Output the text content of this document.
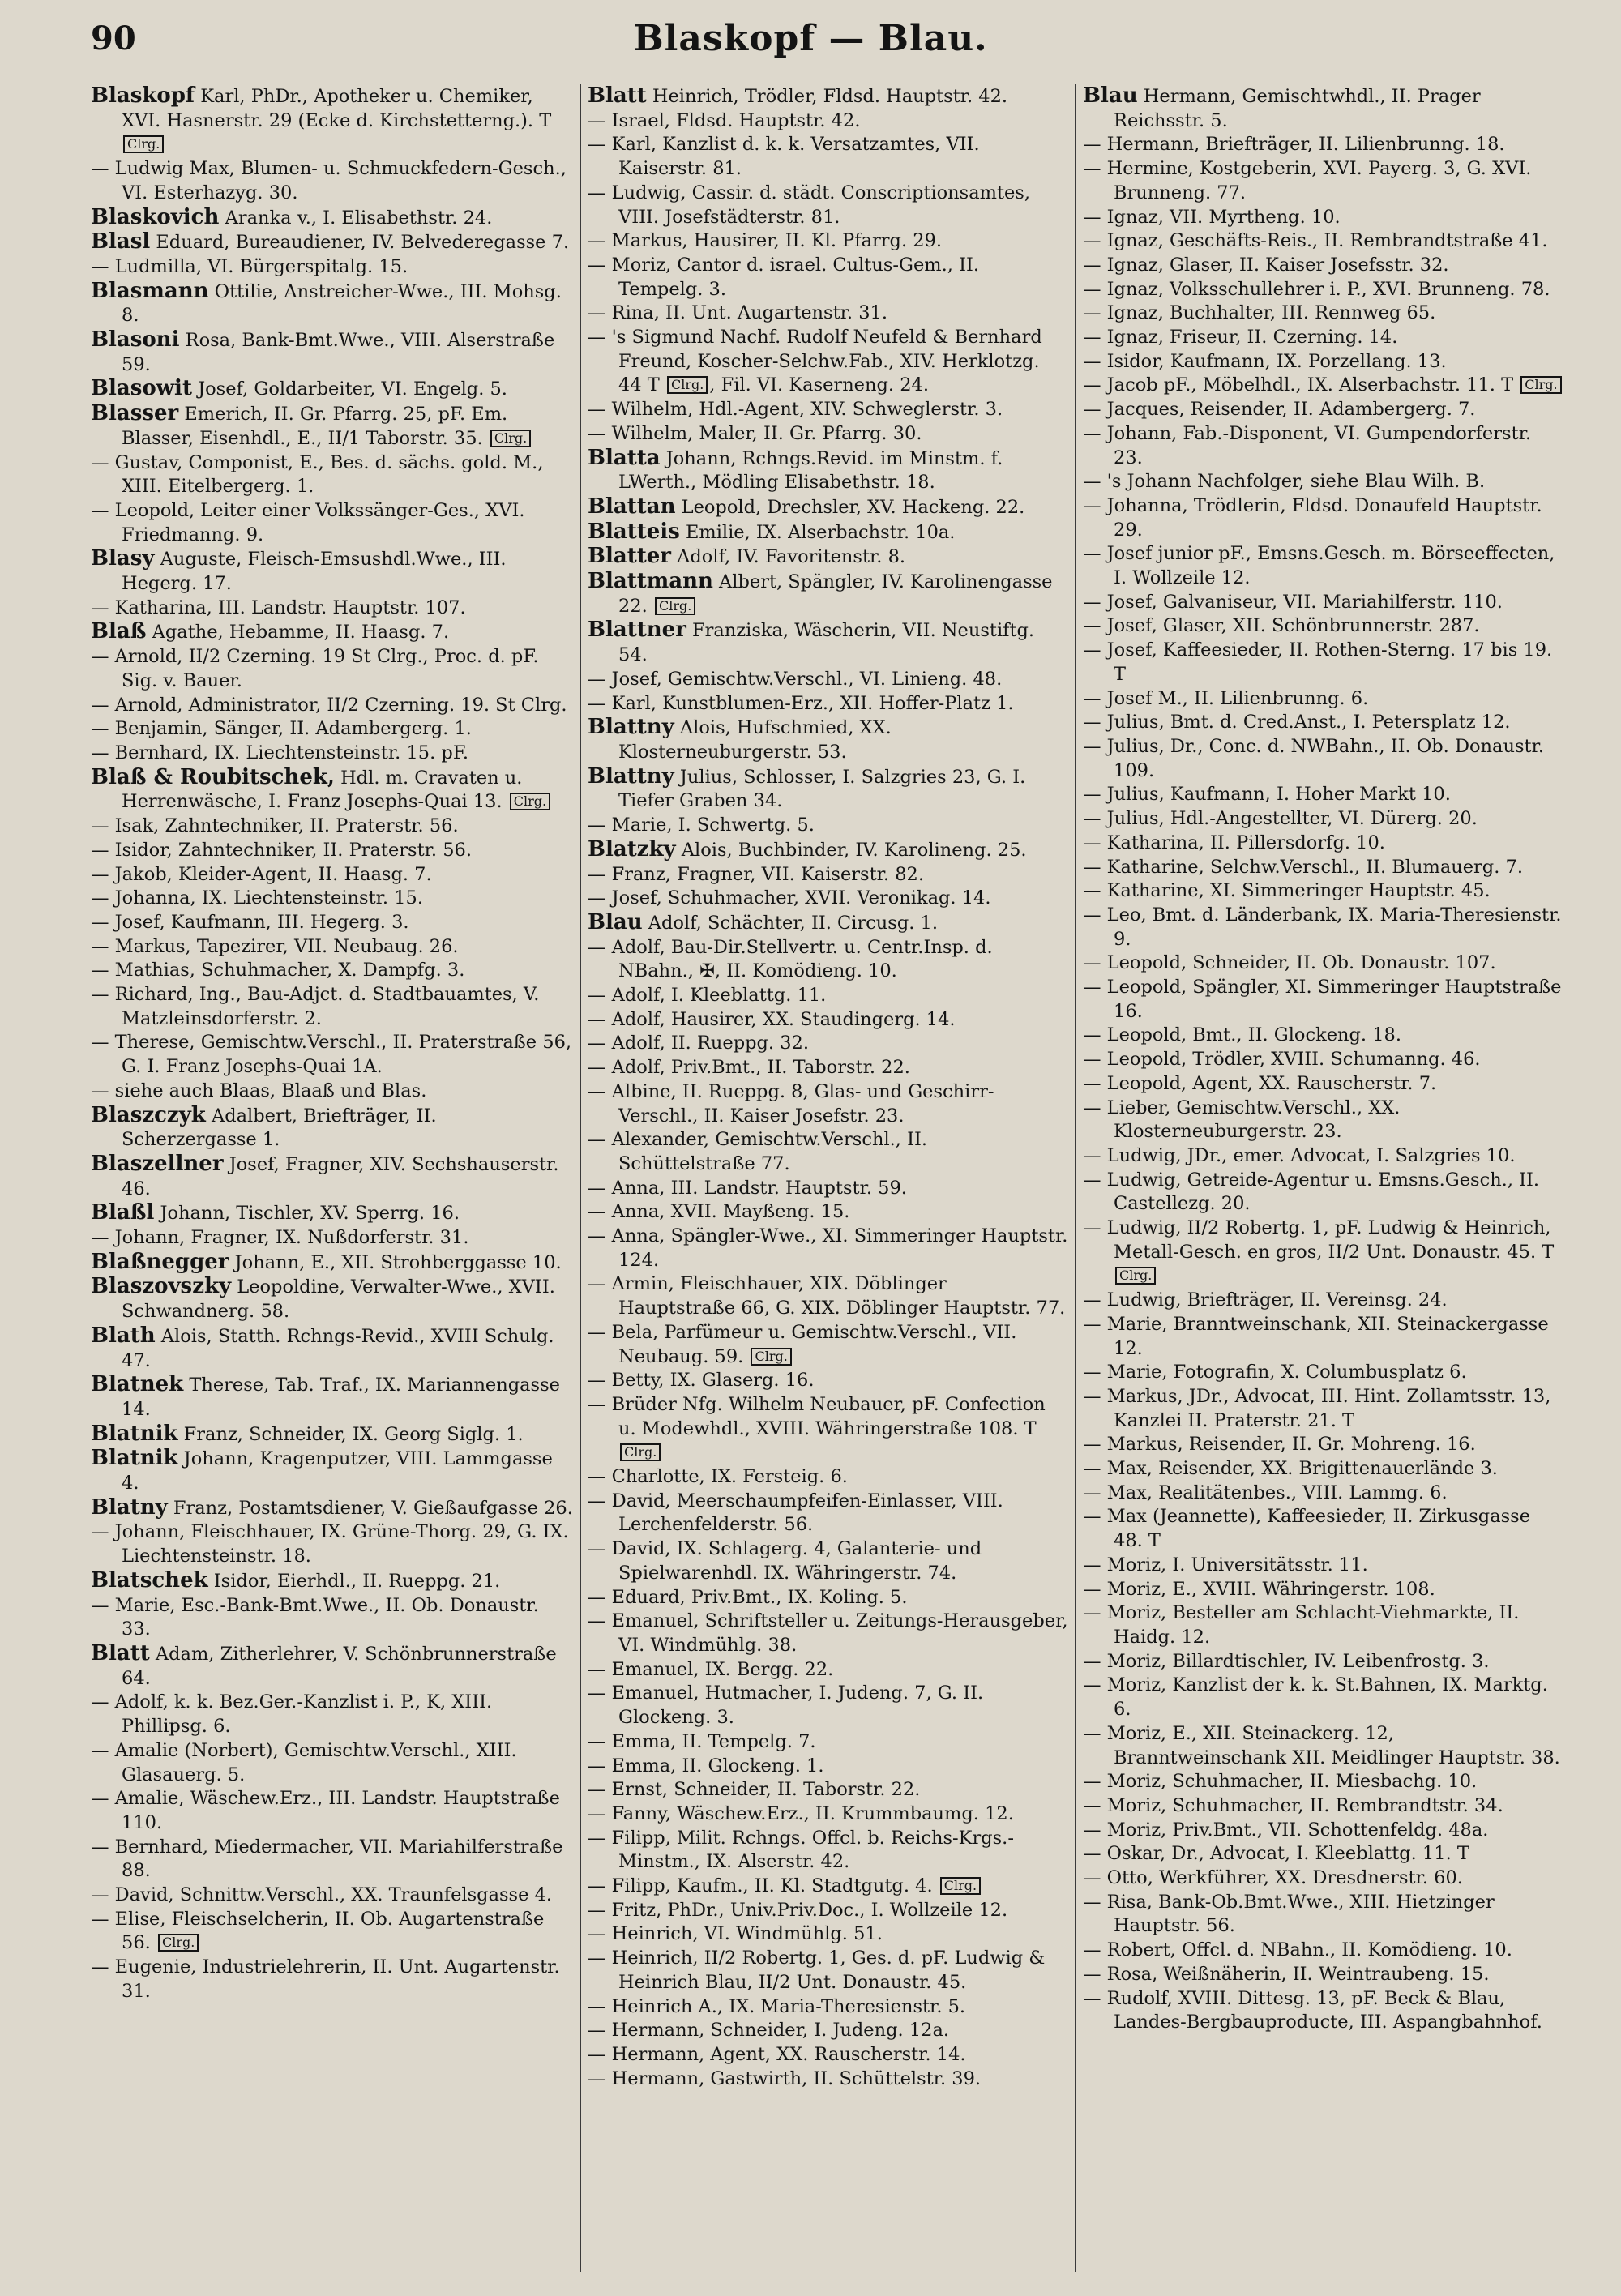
90	Blaskopf — Blau.
Blaskopf Karl, PhDr., Apotheker u. Chemiker, XVI. Hasnerstr. 29 (Ecke d. Kirchstetterng.). T Clrg.
— Ludwig Max, Blumen- u. Schmuckfedern-Gesch., VI. Esterhazyg. 30.
Blaskovich Aranka v., I. Elisabethstr. 24.
Blasl Eduard, Bureaudiener, IV. Belvederegasse 7.
— Ludmilla, VI. Bürgerspitalg. 15.
Blasmann Ottilie, Anstreicher-Wwe., III. Mohsg. 8.
Blasoni Rosa, Bank-Bmt.Wwe., VIII. Alserstraße 59.
Blasowit Josef, Goldarbeiter, VI. Engelg. 5.
Blasser Emerich, II. Gr. Pfarrg. 25, pF. Em. Blasser, Eisenhdl., E., II/1 Taborstr. 35. Clrg.
— Gustav, Componist, E., Bes. d. sächs. gold. M., XIII. Eitelbergerg. 1.
— Leopold, Leiter einer Volkssänger-Ges., XVI. Friedmanng. 9.
Blasy Auguste, Fleisch-Emsushdl.Wwe., III. Hegerg. 17.
— Katharina, III. Landstr. Hauptstr. 107.
Blaß Agathe, Hebamme, II. Haasg. 7.
— Arnold, II/2 Czerning. 19 St Clrg., Proc. d. pF. Sig. v. Bauer.
— Arnold, Administrator, II/2 Czerning. 19. St Clrg.
— Benjamin, Sänger, II. Adambergerg. 1.
— Bernhard, IX. Liechtensteinstr. 15. pF.
Blaß & Roubitschek, Hdl. m. Cravaten u. Herrenwäsche, I. Franz Josephs-Quai 13. Clrg.
— Isak, Zahntechniker, II. Praterstr. 56.
— Isidor, Zahntechniker, II. Praterstr. 56.
— Jakob, Kleider-Agent, II. Haasg. 7.
— Johanna, IX. Liechtensteinstr. 15.
— Josef, Kaufmann, III. Hegerg. 3.
— Markus, Tapezirer, VII. Neubaug. 26.
— Mathias, Schuhmacher, X. Dampfg. 3.
— Richard, Ing., Bau-Adjct. d. Stadtbauamtes, V. Matzleinsdorferstr. 2.
— Therese, Gemischtw.Verschl., II. Praterstraße 56, G. I. Franz Josephs-Quai 1A.
— siehe auch Blaas, Blaaß und Blas.
Blaszczyk Adalbert, Briefträger, II. Scherzergasse 1.
Blaszellner Josef, Fragner, XIV. Sechshauserstr. 46.
Blaßl Johann, Tischler, XV. Sperrg. 16.
— Johann, Fragner, IX. Nußdorferstr. 31.
Blaßnegger Johann, E., XII. Strohberggasse 10.
Blaszovszky Leopoldine, Verwalter-Wwe., XVII. Schwandnerg. 58.
Blath Alois, Statth. Rchngs-Revid., XVIII Schulg. 47.
Blatnek Therese, Tab. Traf., IX. Mariannengasse 14.
Blatnik Franz, Schneider, IX. Georg Siglg. 1.
Blatnik Johann, Kragenputzer, VIII. Lammgasse 4.
Blatny Franz, Postamtsdiener, V. Gießaufgasse 26.
— Johann, Fleischhauer, IX. Grüne-Thorg. 29, G. IX. Liechtensteinstr. 18.
Blatschek Isidor, Eierhdl., II. Rueppg. 21.
— Marie, Esc.-Bank-Bmt.Wwe., II. Ob. Donaustr. 33.
Blatt Adam, Zitherlehrer, V. Schönbrunnerstraße 64.
— Adolf, k. k. Bez.Ger.-Kanzlist i. P., K, XIII. Phillipsg. 6.
— Amalie (Norbert), Gemischtw.Verschl., XIII. Glasauerg. 5.
— Amalie, Wäschew.Erz., III. Landstr. Hauptstraße 110.
— Bernhard, Miedermacher, VII. Mariahilferstraße 88.
— David, Schnittw.Verschl., XX. Traunfelsgasse 4.
— Elise, Fleischselcherin, II. Ob. Augartenstraße 56. Clrg.
— Eugenie, Industrielehrerin, II. Unt. Augartenstr. 31.
Blatt Heinrich, Trödler, Fldsd. Hauptstr. 42.
— Israel, Fldsd. Hauptstr. 42.
— Karl, Kanzlist d. k. k. Versatzamtes, VII. Kaiserstr. 81.
— Ludwig, Cassir. d. städt. Conscriptionsamtes, VIII. Josefstädterstr. 81.
— Markus, Hausirer, II. Kl. Pfarrg. 29.
— Moriz, Cantor d. israel. Cultus-Gem., II. Tempelg. 3.
— Rina, II. Unt. Augartenstr. 31.
— 's Sigmund Nachf. Rudolf Neufeld & Bernhard Freund, Koscher-Selchw.Fab., XIV. Herklotzg. 44 T Clrg. , Fil. VI. Kaserneng. 24.
— Wilhelm, Hdl.-Agent, XIV. Schweglerstr. 3.
— Wilhelm, Maler, II. Gr. Pfarrg. 30.
Blatta Johann, Rchngs.Revid. im Minstm. f. LWerth., Mödling Elisabethstr. 18.
Blattan Leopold, Drechsler, XV. Hackeng. 22.
Blatteis Emilie, IX. Alserbachstr. 10a.
Blatter Adolf, IV. Favoritenstr. 8.
Blattmann Albert, Spängler, IV. Karolinengasse 22. Clrg.
Blattner Franziska, Wäscherin, VII. Neustiftg. 54.
— Josef, Gemischtw.Verschl., VI. Linieng. 48.
— Karl, Kunstblumen-Erz., XII. Hoffer-Platz 1.
Blattny Alois, Hufschmied, XX. Klosterneuburgerstr. 53.
Blattny Julius, Schlosser, I. Salzgries 23, G. I. Tiefer Graben 34.
— Marie, I. Schwertg. 5.
Blatzky Alois, Buchbinder, IV. Karolineng. 25.
— Franz, Fragner, VII. Kaiserstr. 82.
— Josef, Schuhmacher, XVII. Veronikag. 14.
Blau Adolf, Schächter, II. Circusg. 1.
— Adolf, Bau-Dir.Stellvertr. u. Centr.Insp. d. NBahn., ✠, II. Komödieng. 10.
— Adolf, I. Kleeblattg. 11.
— Adolf, Hausirer, XX. Staudingerg. 14.
— Adolf, II. Rueppg. 32.
— Adolf, Priv.Bmt., II. Taborstr. 22.
— Albine, II. Rueppg. 8, Glas- und Geschirr-Verschl., II. Kaiser Josefstr. 23.
— Alexander, Gemischtw.Verschl., II. Schüttelstraße 77.
— Anna, III. Landstr. Hauptstr. 59.
— Anna, XVII. Mayßeng. 15.
— Anna, Spängler-Wwe., XI. Simmeringer Hauptstr. 124.
— Armin, Fleischhauer, XIX. Döblinger Hauptstraße 66, G. XIX. Döblinger Hauptstr. 77.
— Bela, Parfümeur u. Gemischtw.Verschl., VII. Neubaug. 59. Clrg.
— Betty, IX. Glaserg. 16.
— Brüder Nfg. Wilhelm Neubauer, pF. Confection u. Modewhdl., XVIII. Währingerstraße 108. T Clrg.
— Charlotte, IX. Fersteig. 6.
— David, Meerschaumpfeifen-Einlasser, VIII. Lerchenfelderstr. 56.
— David, IX. Schlagerg. 4, Galanterie- und Spielwarenhdl. IX. Währingerstr. 74.
— Eduard, Priv.Bmt., IX. Koling. 5.
— Emanuel, Schriftsteller u. Zeitungs-Herausgeber, VI. Windmühlg. 38.
— Emanuel, IX. Bergg. 22.
— Emanuel, Hutmacher, I. Judeng. 7, G. II. Glockeng. 3.
— Emma, II. Tempelg. 7.
— Emma, II. Glockeng. 1.
— Ernst, Schneider, II. Taborstr. 22.
— Fanny, Wäschew.Erz., II. Krummbaumg. 12.
— Filipp, Milit. Rchngs. Offcl. b. Reichs-Krgs.-Minstm., IX. Alserstr. 42.
— Filipp, Kaufm., II. Kl. Stadtgutg. 4. Clrg.
— Fritz, PhDr., Univ.Priv.Doc., I. Wollzeile 12.
— Heinrich, VI. Windmühlg. 51.
— Heinrich, II/2 Robertg. 1, Ges. d. pF. Ludwig & Heinrich Blau, II/2 Unt. Donaustr. 45.
— Heinrich A., IX. Maria-Theresienstr. 5.
— Hermann, Schneider, I. Judeng. 12a.
— Hermann, Agent, XX. Rauscherstr. 14.
— Hermann, Gastwirth, II. Schüttelstr. 39.
Blau Hermann, Gemischtwhdl., II. Prager Reichsstr. 5.
— Hermann, Briefträger, II. Lilienbrunng. 18.
— Hermine, Kostgeberin, XVI. Payerg. 3, G. XVI. Brunneng. 77.
— Ignaz, VII. Myrtheng. 10.
— Ignaz, Geschäfts-Reis., II. Rembrandtstraße 41.
— Ignaz, Glaser, II. Kaiser Josefsstr. 32.
— Ignaz, Volksschullehrer i. P., XVI. Brunneng. 78.
— Ignaz, Buchhalter, III. Rennweg 65.
— Ignaz, Friseur, II. Czerning. 14.
— Isidor, Kaufmann, IX. Porzellang. 13.
— Jacob pF., Möbelhdl., IX. Alserbachstr. 11. T Clrg.
— Jacques, Reisender, II. Adambergerg. 7.
— Johann, Fab.-Disponent, VI. Gumpendorferstr. 23.
— 's Johann Nachfolger, siehe Blau Wilh. B.
— Johanna, Trödlerin, Fldsd. Donaufeld Hauptstr. 29.
— Josef junior pF., Emsns.Gesch. m. Börseeffecten, I. Wollzeile 12.
— Josef, Galvaniseur, VII. Mariahilferstr. 110.
— Josef, Glaser, XII. Schönbrunnerstr. 287.
— Josef, Kaffeesieder, II. Rothen-Sterng. 17 bis 19. T
— Josef M., II. Lilienbrunng. 6.
— Julius, Bmt. d. Cred.Anst., I. Petersplatz 12.
— Julius, Dr., Conc. d. NWBahn., II. Ob. Donaustr. 109.
— Julius, Kaufmann, I. Hoher Markt 10.
— Julius, Hdl.-Angestellter, VI. Dürerg. 20.
— Katharina, II. Pillersdorfg. 10.
— Katharine, Selchw.Verschl., II. Blumauerg. 7.
— Katharine, XI. Simmeringer Hauptstr. 45.
— Leo, Bmt. d. Länderbank, IX. Maria-Theresienstr. 9.
— Leopold, Schneider, II. Ob. Donaustr. 107.
— Leopold, Spängler, XI. Simmeringer Hauptstraße 16.
— Leopold, Bmt., II. Glockeng. 18.
— Leopold, Trödler, XVIII. Schumanng. 46.
— Leopold, Agent, XX. Rauscherstr. 7.
— Lieber, Gemischtw.Verschl., XX. Klosterneuburgerstr. 23.
— Ludwig, JDr., emer. Advocat, I. Salzgries 10.
— Ludwig, Getreide-Agentur u. Emsns.Gesch., II. Castellezg. 20.
— Ludwig, II/2 Robertg. 1, pF. Ludwig & Heinrich, Metall-Gesch. en gros, II/2 Unt. Donaustr. 45. T Clrg.
— Ludwig, Briefträger, II. Vereinsg. 24.
— Marie, Branntweinschank, XII. Steinackergasse 12.
— Marie, Fotografin, X. Columbusplatz 6.
— Markus, JDr., Advocat, III. Hint. Zollamtsstr. 13, Kanzlei II. Praterstr. 21. T
— Markus, Reisender, II. Gr. Mohreng. 16.
— Max, Reisender, XX. Brigittenauerlände 3.
— Max, Realitätenbes., VIII. Lammg. 6.
— Max (Jeannette), Kaffeesieder, II. Zirkusgasse 48. T
— Moriz, I. Universitätsstr. 11.
— Moriz, E., XVIII. Währingerstr. 108.
— Moriz, Besteller am Schlacht-Viehmarkte, II. Haidg. 12.
— Moriz, Billardtischler, IV. Leibenfrostg. 3.
— Moriz, Kanzlist der k. k. St.Bahnen, IX. Marktg. 6.
— Moriz, E., XII. Steinackerg. 12, Branntweinschank XII. Meidlinger Hauptstr. 38.
— Moriz, Schuhmacher, II. Miesbachg. 10.
— Moriz, Schuhmacher, II. Rembrandtstr. 34.
— Moriz, Priv.Bmt., VII. Schottenfeldg. 48a.
— Oskar, Dr., Advocat, I. Kleeblattg. 11. T
— Otto, Werkführer, XX. Dresdnerstr. 60.
— Risa, Bank-Ob.Bmt.Wwe., XIII. Hietzinger Hauptstr. 56.
— Robert, Offcl. d. NBahn., II. Komödieng. 10.
— Rosa, Weißnäherin, II. Weintraubeng. 15.
— Rudolf, XVIII. Dittesg. 13, pF. Beck & Blau, Landes-Bergbauproducte, III. Aspangbahnhof.
